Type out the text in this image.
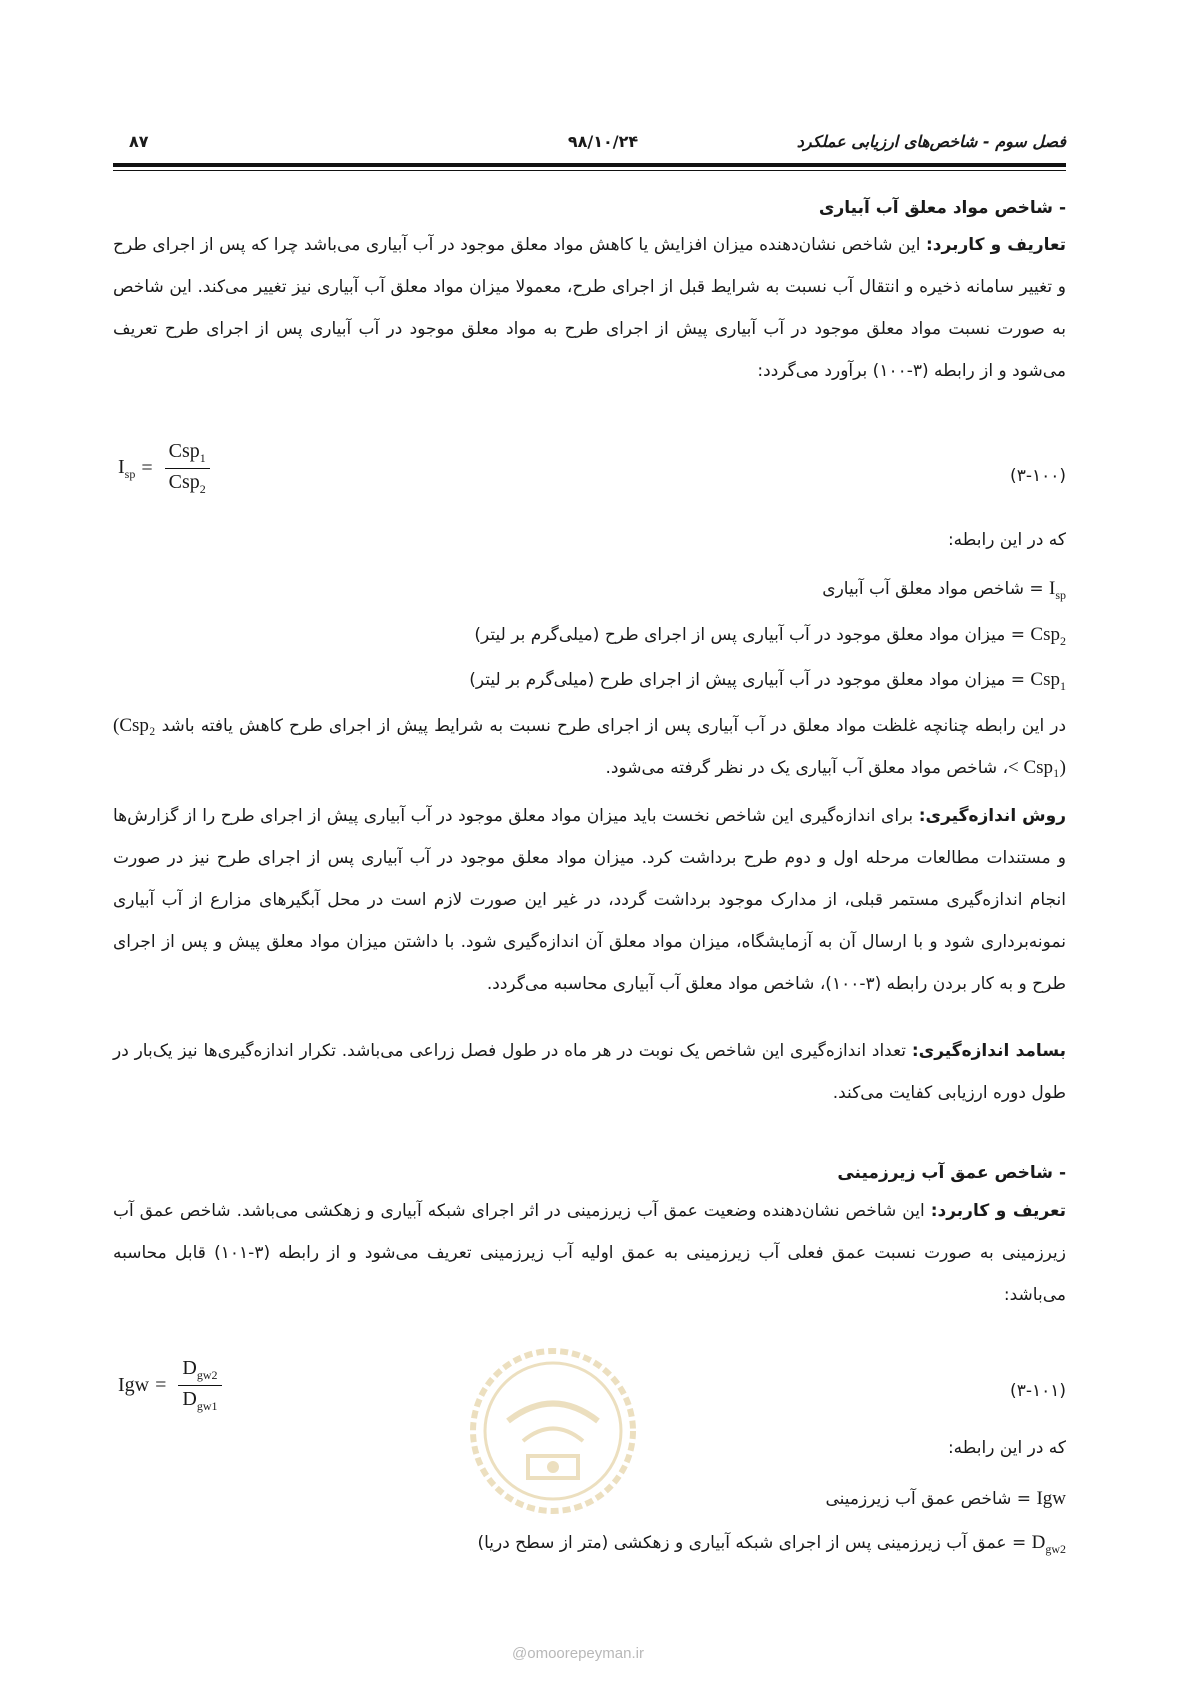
۸۷	۹۸/۱۰/۲۴	فصل سوم - شاخص‌های ارزیابی عملکرد
- شاخص مواد معلق آب آبیاری

تعاریف و کاربرد: این شاخص نشان‌دهنده میزان افزایش یا کاهش مواد معلق موجود در آب آبیاری می‌باشد چرا که پس از اجرای طرح و تغییر سامانه ذخیره و انتقال آب نسبت به شرایط قبل از اجرای طرح، معمولا میزان مواد معلق آب آبیاری نیز تغییر می‌کند. این شاخص به صورت نسبت مواد معلق موجود در آب آبیاری پیش از اجرای طرح به مواد معلق موجود در آب آبیاری پس از اجرای طرح تعریف می‌شود و از رابطه (۳-۱۰۰) برآورد می‌گردد:

$I_{sp} = \frac{Csp_1}{Csp_2}$	(۳-۱۰۰)
که در این رابطه:
$I_{sp}$ = شاخص مواد معلق آب آبیاری
Csp$_2$ = میزان مواد معلق موجود در آب آبیاری پس از اجرای طرح (میلی‌گرم بر لیتر)
Csp$_1$ = میزان مواد معلق موجود در آب آبیاری پیش از اجرای طرح (میلی‌گرم بر لیتر)

در این رابطه چنانچه غلظت مواد معلق در آب آبیاری پس از اجرای طرح نسبت به شرایط پیش از اجرای طرح کاهش یافته باشد (Csp₂ < Csp₁)، شاخص مواد معلق آب آبیاری یک در نظر گرفته می‌شود.

روش اندازه‌گیری: برای اندازه‌گیری این شاخص نخست باید میزان مواد معلق موجود در آب آبیاری پیش از اجرای طرح را از گزارش‌ها و مستندات مطالعات مرحله اول و دوم طرح برداشت کرد. میزان مواد معلق موجود در آب آبیاری پس از اجرای طرح نیز در صورت انجام اندازه‌گیری مستمر قبلی، از مدارک موجود برداشت گردد، در غیر این صورت لازم است در محل آبگیرهای مزارع از آب آبیاری نمونه‌برداری شود و با ارسال آن به آزمایشگاه، میزان مواد معلق آن اندازه‌گیری شود. با داشتن میزان مواد معلق پیش و پس از اجرای طرح و به کار بردن رابطه (۳-۱۰۰)، شاخص مواد معلق آب آبیاری محاسبه می‌گردد.

بسامد اندازه‌گیری: تعداد اندازه‌گیری این شاخص یک نوبت در هر ماه در طول فصل زراعی می‌باشد. تکرار اندازه‌گیری‌ها نیز یک‌بار در طول دوره ارزیابی کفایت می‌کند.

- شاخص عمق آب زیرزمینی

تعریف و کاربرد: این شاخص نشان‌دهنده وضعیت عمق آب زیرزمینی در اثر اجرای شبکه آبیاری و زهکشی می‌باشد. شاخص عمق آب زیرزمینی به صورت نسبت عمق فعلی آب زیرزمینی به عمق اولیه آب زیرزمینی تعریف می‌شود و از رابطه (۳-۱۰۱) قابل محاسبه می‌باشد:

Igw = $\frac{D_{gw2}}{D_{gw1}}$	(۳-۱۰۱)
که در این رابطه:
Igw = شاخص عمق آب زیرزمینی
$D_{gw2}$ = عمق آب زیرزمینی پس از اجرای شبکه آبیاری و زهکشی (متر از سطح دریا)
@omoorepeyman.ir
